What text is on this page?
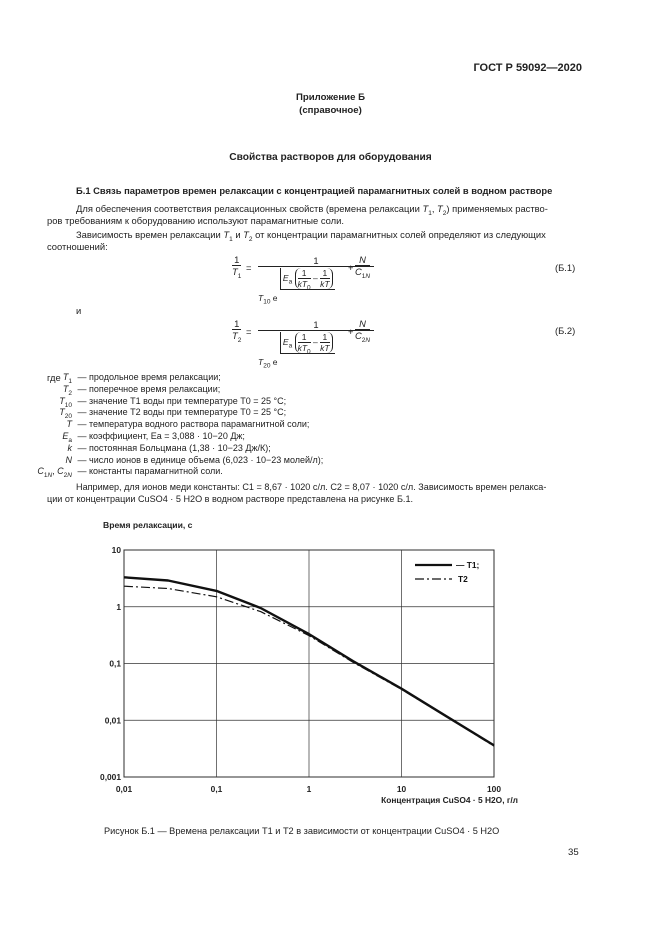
ГОСТ Р 59092—2020
Приложение Б
(справочное)
Свойства растворов для оборудования
Б.1 Связь параметров времен релаксации с концентрацией парамагнитных солей в водном растворе
Для обеспечения соответствия релаксационных свойств (времена релаксации $T_1$, $T_2$) применяемых раство-
ров требованиям к оборудованию используют парамагнитные соли.
Зависимость времен релаксации $T_1$ и $T_2$ от концентрации парамагнитных солей определяют из следующих
соотношений:
$\frac{1}{T_1}$ =
1
$T_{10}$ e $E_a$
1
$kT_0 - \frac{1}{kT}$
+ $\frac{N}{C_{1N}}$	(Б.1)
и
$\frac{1}{T_2}$ =
1
$T_{20}$ e $E_a$
1
$kT_0 - \frac{1}{kT}$
+ $\frac{N}{C_{2N}}$	(Б.2)
где $T_1$ — продольное время релаксации;
$T_2$ — поперечное время релаксации;
$T_{10}$ — значение T1 воды при температуре T0 = 25 °C;
$T_{20}$ — значение T2 воды при температуре T0 = 25 °C;
T — температура водного раствора парамагнитной соли;
$E_a$ — коэффициент, Ea = 3,088 · 10−20 Дж;
k — постоянная Больцмана (1,38 · 10−23 Дж/К);
N — число ионов в единице объема (6,023 · 10−23 молей/л);
$C_{1N}$, $C_{2N}$ — константы парамагнитной соли.
Например, для ионов меди константы: C1 = 8,67 · 1020 с/л. C2 = 8,07 · 1020 с/л. Зависимость времен релакса-
ции от концентрации CuSO4 · 5 H2O в водном растворе представлена на рисунке Б.1.
Время релаксации, с
0,01	0,1	1	10	100
0,001
0,01
0,1
1
10
— T1;
T2
Концентрация CuSO4 · 5 H2O, г/л
Рисунок Б.1 — Времена релаксации T1 и T2 в зависимости от концентрации CuSO4 · 5 H2O
35
